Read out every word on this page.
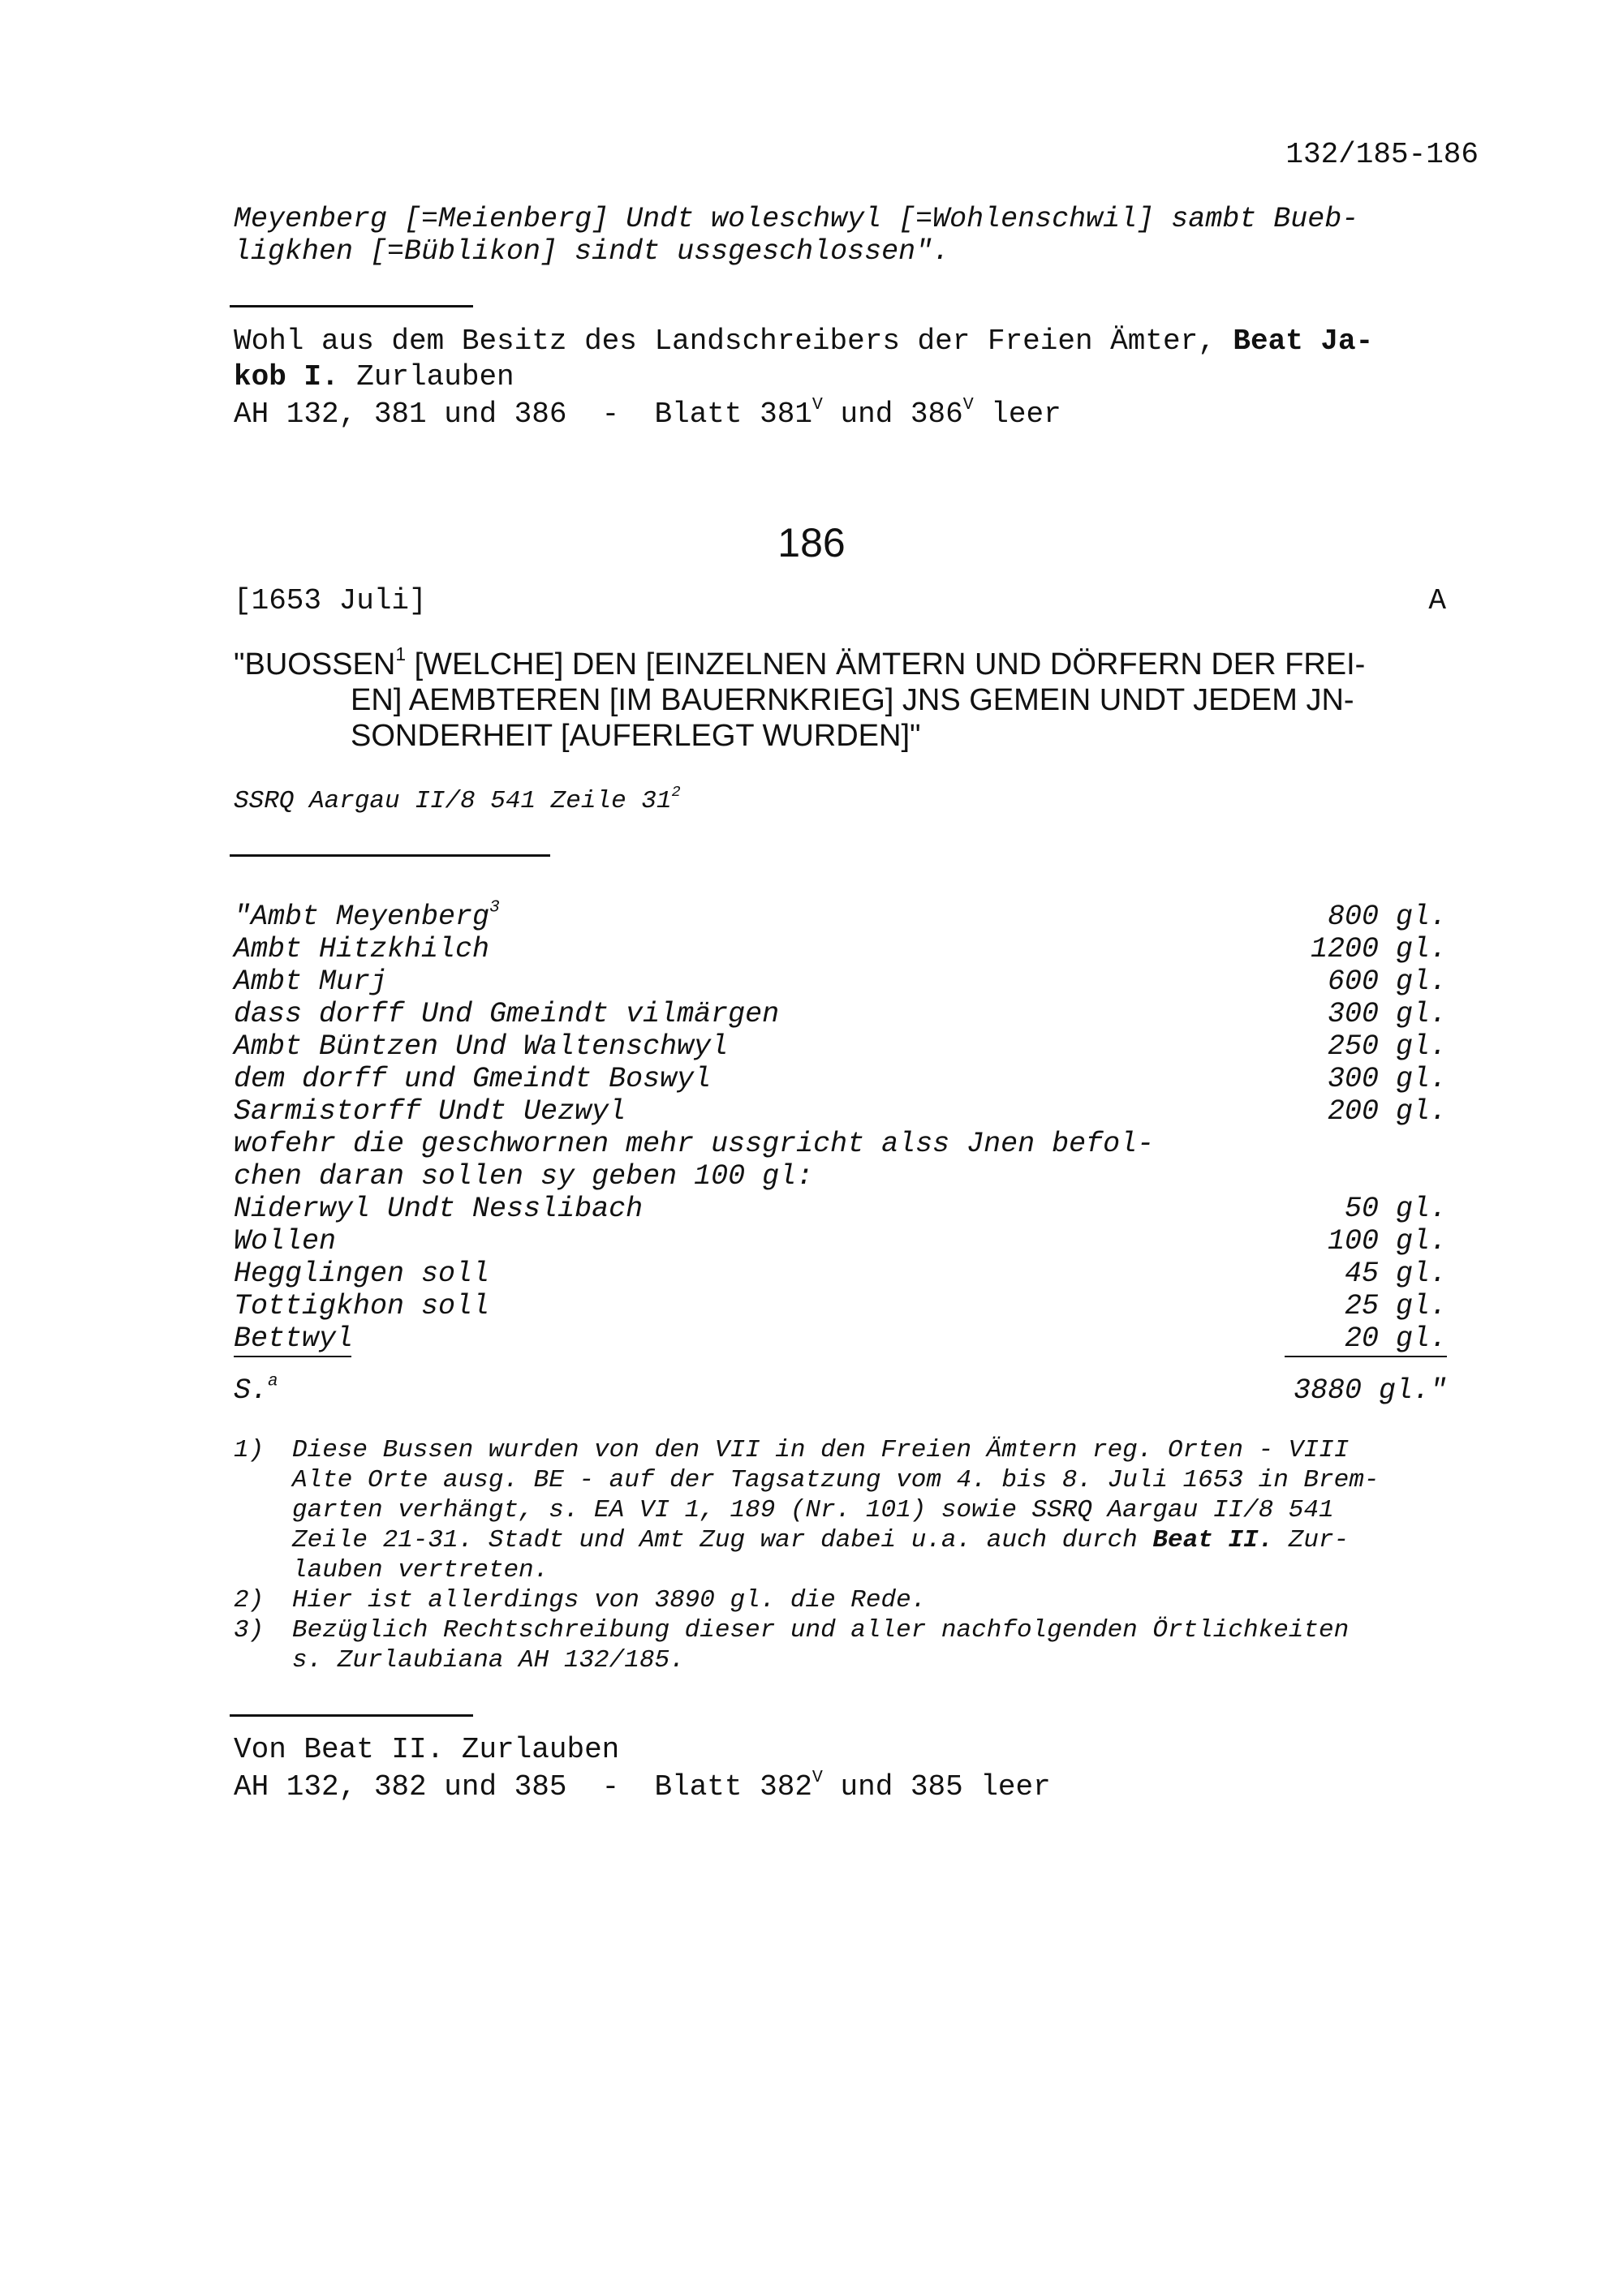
132/185-186
Meyenberg [=Meienberg] Undt woleschwyl [=Wohlenschwil] sambt Bueb-
ligkhen [=Büblikon] sindt ussgeschlossen".
Wohl aus dem Besitz des Landschreibers der Freien Ämter, Beat Ja-
kob I. Zurlauben
AH 132, 381 und 386  -  Blatt $381^V$ und $386^V$ leer
186
[1653 Juli]	A
"BUOSSEN$^1$ [WELCHE] DEN [EINZELNEN ÄMTERN UND DÖRFERN DER FREI-
EN] AEMBTEREN [IM BAUERNKRIEG] JNS GEMEIN UNDT JEDEM JN-
SONDERHEIT [AUFERLEGT WURDEN]"
SSRQ Aargau II/8 541 Zeile $31^2$
"Ambt Meyenberg$^3$	800 gl.
Ambt Hitzkhilch	1200 gl.
Ambt Murj	600 gl.
dass dorff Und Gmeindt vilmärgen	300 gl.
Ambt Büntzen Und Waltenschwyl	250 gl.
dem dorff und Gmeindt Boswyl	300 gl.
Sarmistorff Undt Uezwyl	200 gl.
wofehr die geschwornen mehr ussgricht alss Jnen befol-
chen daran sollen sy geben 100 gl:
Niderwyl Undt Nesslibach	50 gl.
Wollen	100 gl.
Hegglingen soll	45 gl.
Tottigkhon soll	25 gl.
Bettwyl	20 gl.
S.$^a$	3880 gl."
1) Diese Bussen wurden von den VII in den Freien Ämtern reg. Orten - VIII
Alte Orte ausg. BE - auf der Tagsatzung vom 4. bis 8. Juli 1653 in Brem-
garten verhängt, s. EA VI 1, 189 (Nr. 101) sowie SSRQ Aargau II/8 541
Zeile 21-31. Stadt und Amt Zug war dabei u.a. auch durch Beat II. Zur-
lauben vertreten.
2) Hier ist allerdings von 3890 gl. die Rede.
3) Bezüglich Rechtschreibung dieser und aller nachfolgenden Örtlichkeiten
s. Zurlaubiana AH 132/185.
Von Beat II. Zurlauben
AH 132, 382 und 385  -  Blatt $382^V$ und 385 leer
